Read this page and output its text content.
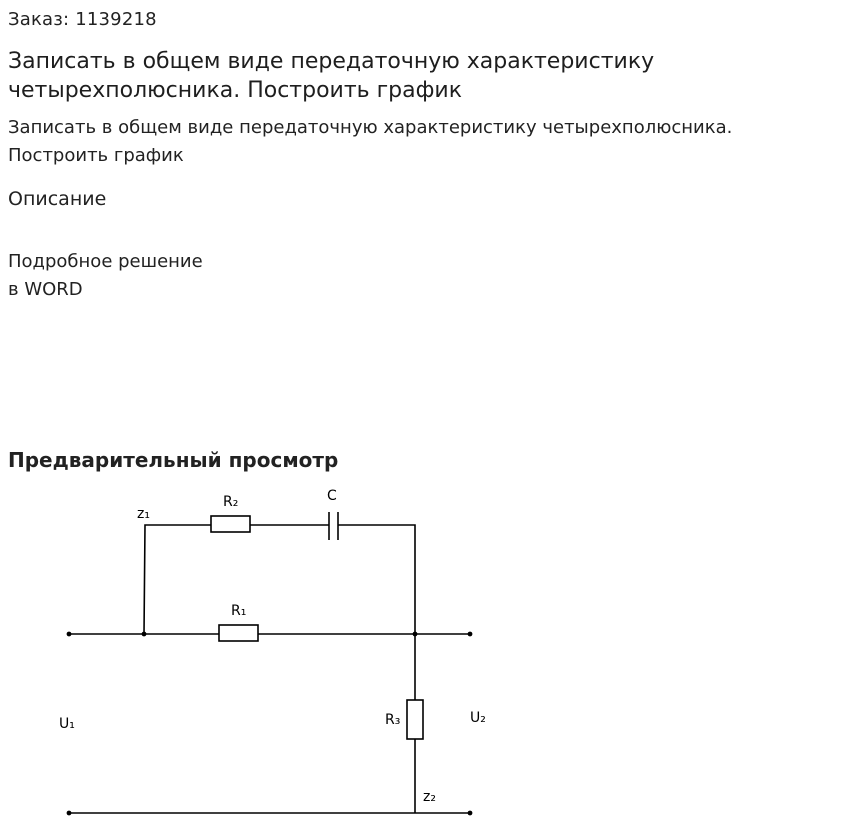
Заказ: 1139218
Записать в общем виде передаточную характеристику четырехполюсника. Построить график

Записать в общем виде передаточную характеристику четырехполюсника.
Построить график

Описание
Подробное решение
в WORD
Предварительный просмотр
z₁
R₂	C
R₁
U₁	R₃	U₂
z₂
